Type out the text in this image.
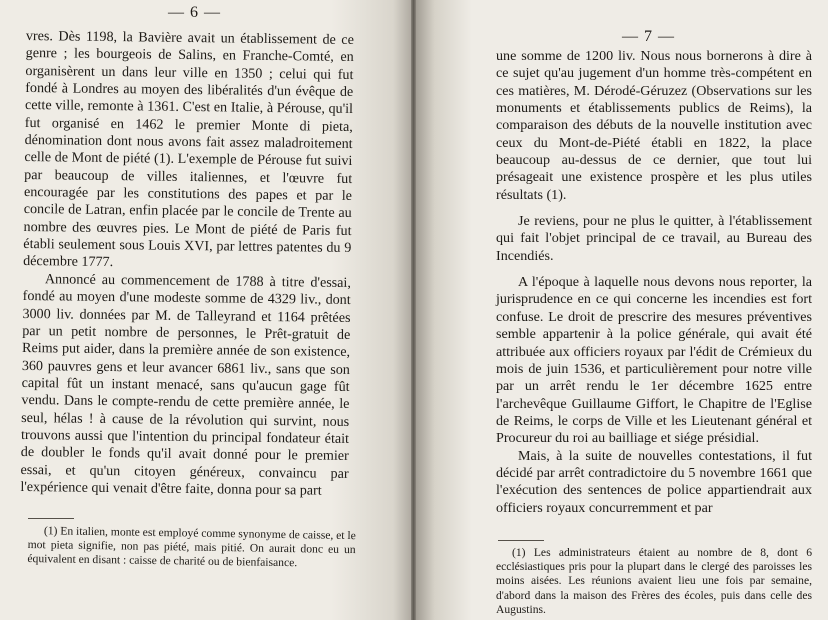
— 6 —

vres. Dès 1198, la Bavière avait un établissement de ce genre ; les bourgeois de Salins, en Franche-Comté, en organisèrent un dans leur ville en 1350 ; celui qui fut fondé à Londres au moyen des libéralités d'un évêque de cette ville, remonte à 1361. C'est en Italie, à Pérouse, qu'il fut organisé en 1462 le premier Monte di pieta, dénomination dont nous avons fait assez maladroitement celle de Mont de piété (1). L'exemple de Pérouse fut suivi par beaucoup de villes italiennes, et l'œuvre fut encouragée par les constitutions des papes et par le concile de Latran, enfin placée par le concile de Trente au nombre des œuvres pies. Le Mont de piété de Paris fut établi seulement sous Louis XVI, par lettres patentes du 9 décembre 1777.

Annoncé au commencement de 1788 à titre d'essai, fondé au moyen d'une modeste somme de 4329 liv., dont 3000 liv. données par M. de Talleyrand et 1164 prêtées par un petit nombre de personnes, le Prêt-gratuit de Reims put aider, dans la première année de son existence, 360 pauvres gens et leur avancer 6861 liv., sans que son capital fût un instant menacé, sans qu'aucun gage fût vendu. Dans le compte-rendu de cette première année, le seul, hélas ! à cause de la révolution qui survint, nous trouvons aussi que l'intention du principal fondateur était de doubler le fonds qu'il avait donné pour le premier essai, et qu'un citoyen généreux, convaincu par l'expérience qui venait d'être faite, donna pour sa part

(1) En italien, monte est employé comme synonyme de caisse, et le mot pieta signifie, non pas piété, mais pitié. On aurait donc eu un équivalent en disant : caisse de charité ou de bienfaisance.

— 7 —

une somme de 1200 liv. Nous nous bornerons à dire à ce sujet qu'au jugement d'un homme très-compétent en ces matières, M. Dérodé-Géruzez (Observations sur les monuments et établissements publics de Reims), la comparaison des débuts de la nouvelle institution avec ceux du Mont-de-Piété établi en 1822, la place beaucoup au-dessus de ce dernier, que tout lui présageait une existence prospère et les plus utiles résultats (1).

Je reviens, pour ne plus le quitter, à l'établissement qui fait l'objet principal de ce travail, au Bureau des Incendiés.

A l'époque à laquelle nous devons nous reporter, la jurisprudence en ce qui concerne les incendies est fort confuse. Le droit de prescrire des mesures préventives semble appartenir à la police générale, qui avait été attribuée aux officiers royaux par l'édit de Crémieux du mois de juin 1536, et particulièrement pour notre ville par un arrêt rendu le 1er décembre 1625 entre l'archevêque Guillaume Giffort, le Chapitre de l'Eglise de Reims, le corps de Ville et les Lieutenant général et Procureur du roi au bailliage et siége présidial.

Mais, à la suite de nouvelles contestations, il fut décidé par arrêt contradictoire du 5 novembre 1661 que l'exécution des sentences de police appartiendrait aux officiers royaux concurremment et par

(1) Les administrateurs étaient au nombre de 8, dont 6 ecclésiastiques pris pour la plupart dans le clergé des paroisses les moins aisées. Les réunions avaient lieu une fois par semaine, d'abord dans la maison des Frères des écoles, puis dans celle des Augustins.
